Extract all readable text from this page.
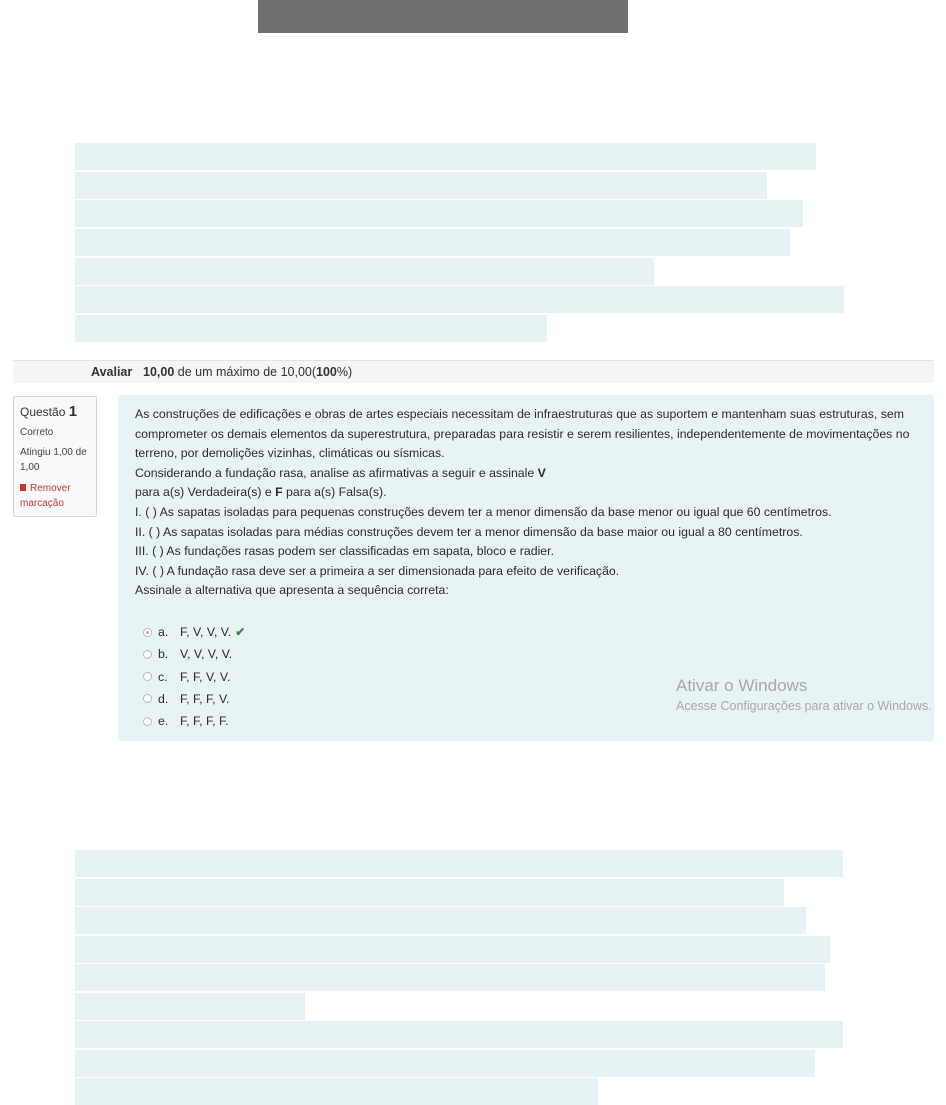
Avaliar 10,00 de um máximo de 10,00(100%)
Questão 1
Correto
Atingiu 1,00 de 1,00
Remover marcação

As construções de edificações e obras de artes especiais necessitam de infraestruturas que as suportem e mantenham suas estruturas, sem comprometer os demais elementos da superestrutura, preparadas para resistir e serem resilientes, independentemente de movimentações no terreno, por demolições vizinhas, climáticas ou sísmicas.

Considerando a fundação rasa, analise as afirmativas a seguir e assinale V

para a(s) Verdadeira(s) e F para a(s) Falsa(s).

I. ( ) As sapatas isoladas para pequenas construções devem ter a menor dimensão da base menor ou igual que 60 centímetros.

II. ( ) As sapatas isoladas para médias construções devem ter a menor dimensão da base maior ou igual a 80 centímetros.

III. ( ) As fundações rasas podem ser classificadas em sapata, bloco e radier.

IV. ( ) A fundação rasa deve ser a primeira a ser dimensionada para efeito de verificação.

Assinale a alternativa que apresenta a sequência correta:

a. F, V, V, V. ✔
b. V, V, V, V.
c.	F, F, V, V.
d. F, F, F, V.
e. F, F, F, F.
Ativar o Windows
Acesse Configurações para ativar o Windows.
